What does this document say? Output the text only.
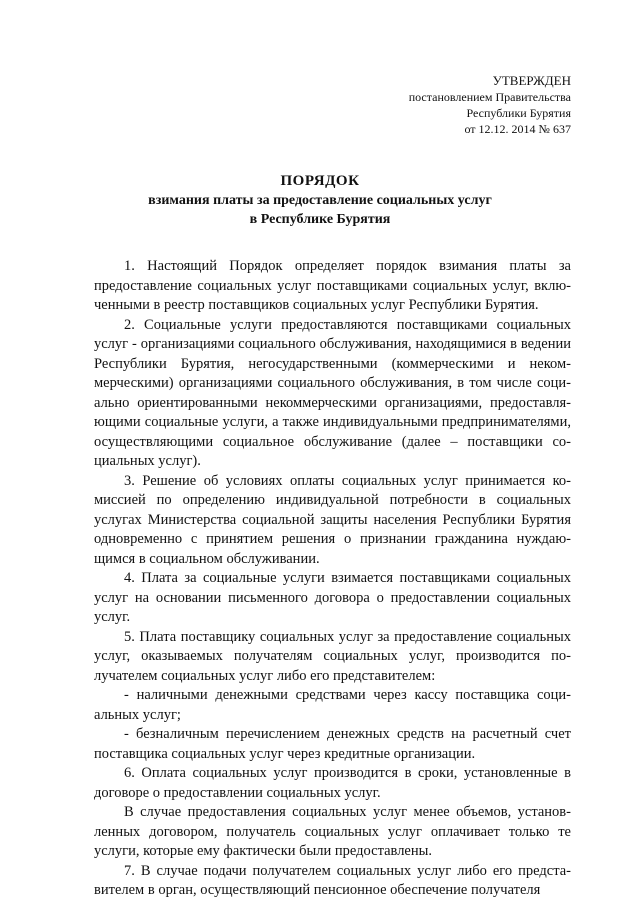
УТВЕРЖДЕН
постановлением Правительства
Республики Бурятия
от 12.12. 2014 № 637
ПОРЯДОК
взимания платы за предоставление социальных услуг
в Республике Бурятия

1. Настоящий Порядок определяет порядок взимания платы за предоставление социальных услуг поставщиками социальных услуг, включенными в реестр поставщиков социальных услуг Республики Бурятия.

2. Социальные услуги предоставляются поставщиками социальных услуг - организациями социального обслуживания, находящимися в ведении Республики Бурятия, негосударственными (коммерческими и некоммерческими) организациями социального обслуживания, в том числе социально ориентированными некоммерческими организациями, предоставляющими социальные услуги, а также индивидуальными предпринимателями, осуществляющими социальное обслуживание (далее – поставщики социальных услуг).

3. Решение об условиях оплаты социальных услуг принимается комиссией по определению индивидуальной потребности в социальных услугах Министерства социальной защиты населения Республики Бурятия одновременно с принятием решения о признании гражданина нуждающимся в социальном обслуживании.

4. Плата за социальные услуги взимается поставщиками социальных услуг на основании письменного договора о предоставлении социальных услуг.

5. Плата поставщику социальных услуг за предоставление социальных услуг, оказываемых получателям социальных услуг, производится получателем социальных услуг либо его представителем:

- наличными денежными средствами через кассу поставщика социальных услуг;

- безналичным перечислением денежных средств на расчетный счет поставщика социальных услуг через кредитные организации.

6. Оплата социальных услуг производится в сроки, установленные в договоре о предоставлении социальных услуг.

В случае предоставления социальных услуг менее объемов, установленных договором, получатель социальных услуг оплачивает только те услуги, которые ему фактически были предоставлены.

7. В случае подачи получателем социальных услуг либо его представителем в орган, осуществляющий пенсионное обеспечение получателя
